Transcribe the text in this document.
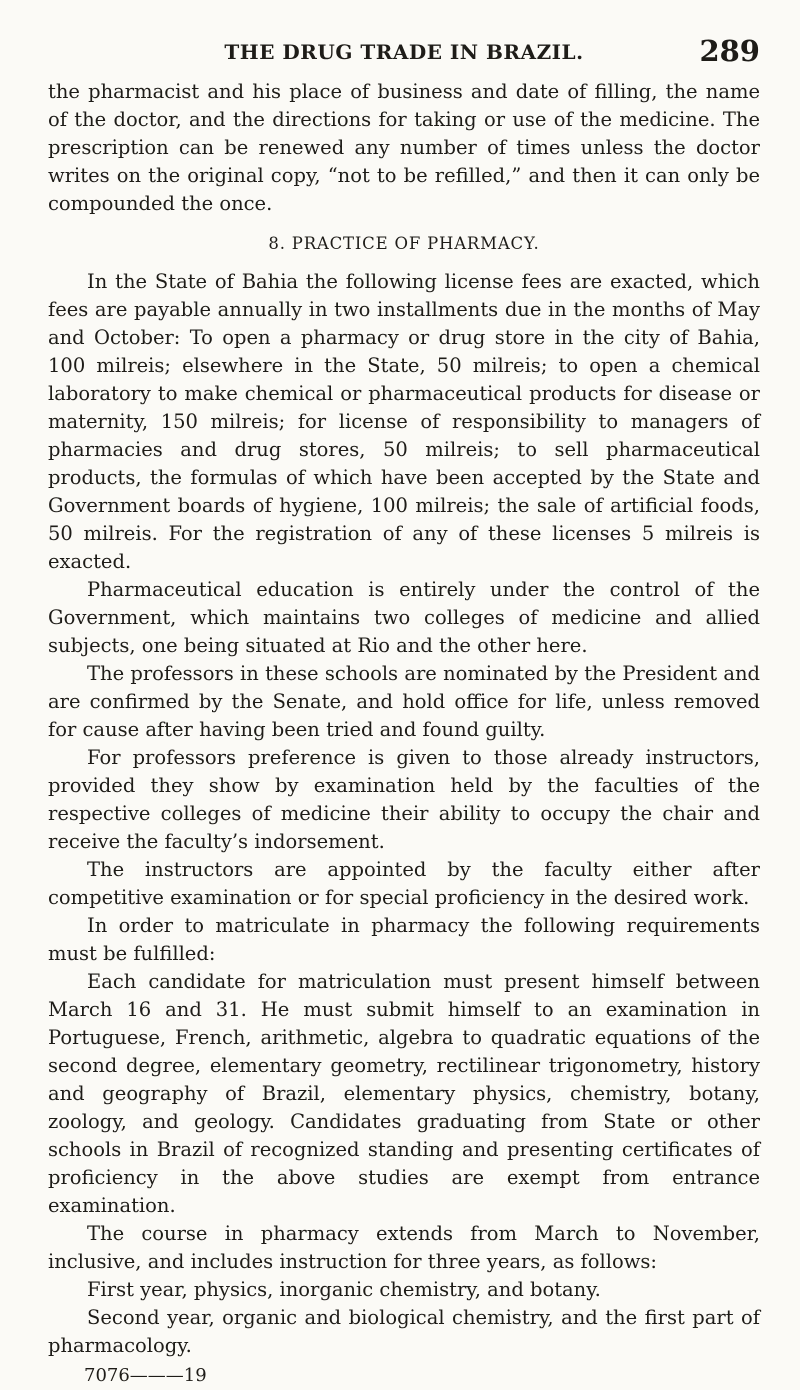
THE DRUG TRADE IN BRAZIL.	289

the pharmacist and his place of business and date of filling, the name of the doctor, and the directions for taking or use of the medicine. The prescription can be renewed any number of times unless the doctor writes on the original copy, “not to be refilled,” and then it can only be compounded the once.

8. PRACTICE OF PHARMACY.

In the State of Bahia the following license fees are exacted, which fees are payable annually in two installments due in the months of May and October: To open a pharmacy or drug store in the city of Bahia, 100 milreis; elsewhere in the State, 50 milreis; to open a chemical laboratory to make chemical or pharmaceutical products for disease or maternity, 150 milreis; for license of responsibility to managers of pharmacies and drug stores, 50 milreis; to sell pharmaceutical products, the formulas of which have been accepted by the State and Government boards of hygiene, 100 milreis; the sale of artificial foods, 50 milreis. For the registration of any of these licenses 5 milreis is exacted.

Pharmaceutical education is entirely under the control of the Government, which maintains two colleges of medicine and allied subjects, one being situated at Rio and the other here.

The professors in these schools are nominated by the President and are confirmed by the Senate, and hold office for life, unless removed for cause after having been tried and found guilty.

For professors preference is given to those already instructors, provided they show by examination held by the faculties of the respective colleges of medicine their ability to occupy the chair and receive the faculty’s indorsement.

The instructors are appointed by the faculty either after competitive examination or for special proficiency in the desired work.

In order to matriculate in pharmacy the following requirements must be fulfilled:

Each candidate for matriculation must present himself between March 16 and 31. He must submit himself to an examination in Portuguese, French, arithmetic, algebra to quadratic equations of the second degree, elementary geometry, rectilinear trigonometry, history and geography of Brazil, elementary physics, chemistry, botany, zoology, and geology. Candidates graduating from State or other schools in Brazil of recognized standing and presenting certificates of proficiency in the above studies are exempt from entrance examination.

The course in pharmacy extends from March to November, inclusive, and includes instruction for three years, as follows:

First year, physics, inorganic chemistry, and botany.

Second year, organic and biological chemistry, and the first part of pharmacology.

7076———19
